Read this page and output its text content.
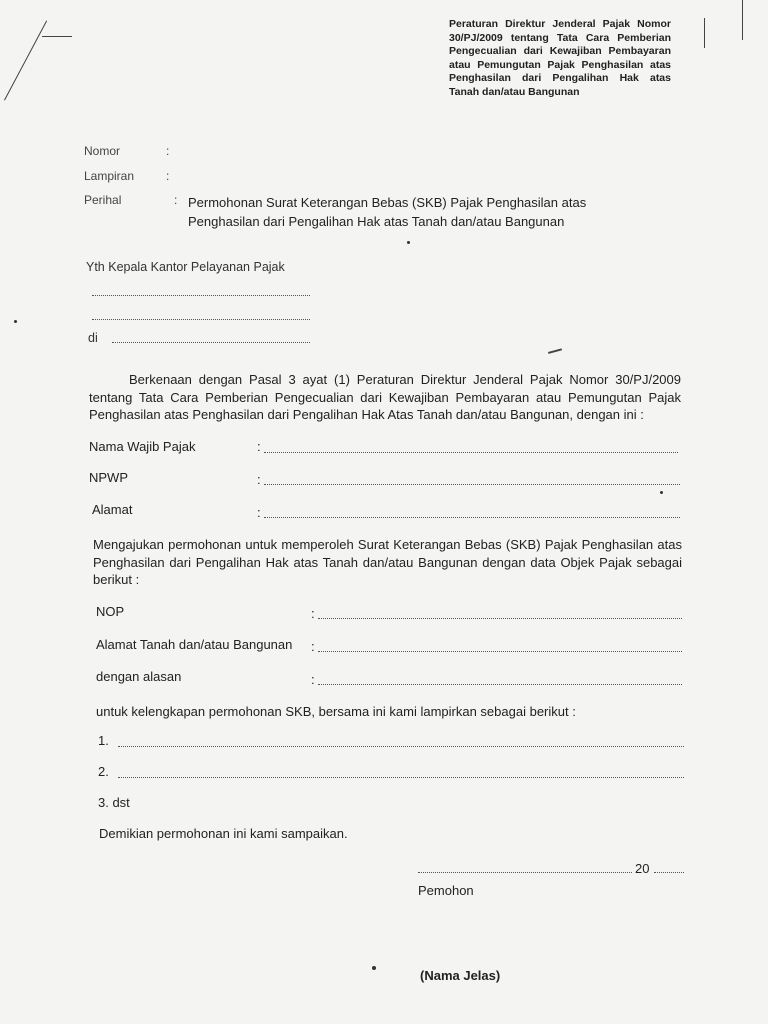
Peraturan Direktur Jenderal Pajak Nomor 30/PJ/2009 tentang Tata Cara Pemberian Pengecualian dari Kewajiban Pembayaran atau Pemungutan Pajak Penghasilan atas Penghasilan dari Pengalihan Hak atas Tanah dan/atau Bangunan
Nomor	:
Lampiran	:
Perihal	: Permohonan Surat Keterangan Bebas (SKB) Pajak Penghasilan atas Penghasilan dari Pengalihan Hak atas Tanah dan/atau Bangunan
Yth Kepala Kantor Pelayanan Pajak
di
Berkenaan dengan Pasal 3 ayat (1) Peraturan Direktur Jenderal Pajak Nomor 30/PJ/2009 tentang Tata Cara Pemberian Pengecualian dari Kewajiban Pembayaran atau Pemungutan Pajak Penghasilan atas Penghasilan dari Pengalihan Hak Atas Tanah dan/atau Bangunan, dengan ini :
Nama Wajib Pajak	:
NPWP	:
Alamat	:
Mengajukan permohonan untuk memperoleh Surat Keterangan Bebas (SKB) Pajak Penghasilan atas Penghasilan dari Pengalihan Hak atas Tanah dan/atau Bangunan dengan data Objek Pajak sebagai berikut :
NOP	:
Alamat Tanah dan/atau Bangunan :
dengan alasan	:
untuk kelengkapan permohonan SKB, bersama ini kami lampirkan sebagai berikut :
1.
2.
3. dst
Demikian permohonan ini kami sampaikan.
20
Pemohon
(Nama Jelas)
